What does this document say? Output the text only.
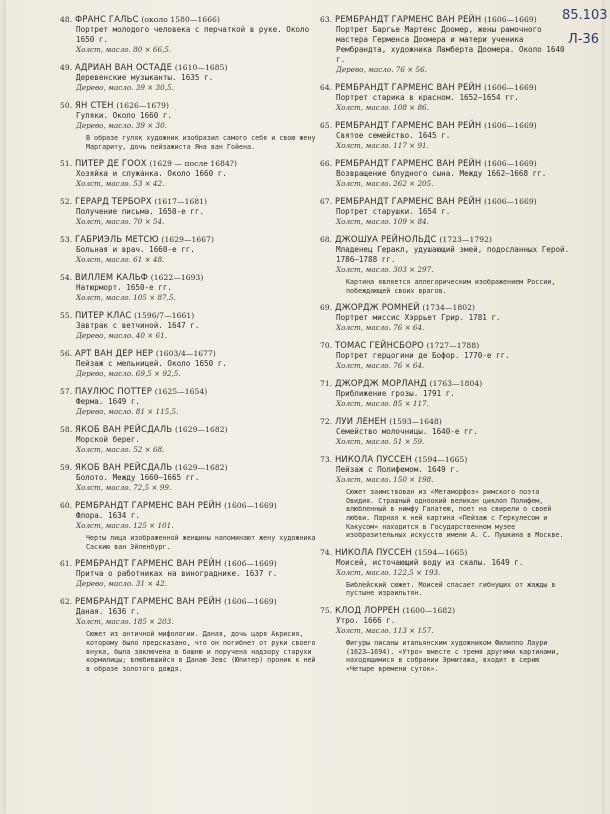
48. ФРАНС ГАЛЬС (около 1580—1666)
Портрет молодого человека с перчаткой в руке. Около 1650 г.
Холст, масло. 80 × 66,5.
49. АДРИАН ВАН ОСТАДЕ (1610—1685)
Деревенские музыканты. 1635 г.
Дерево, масло. 39 × 30,5.
50. ЯН СТЕН (1626—1679)
Гуляки. Около 1660 г.
Дерево, масло. 39 × 30.
В образе гуляк художник изобразил самого себя и свою жену Маргариту, дочь пейзажиста Яна ван Гойена.
51. ПИТЕР ДЕ ГООХ (1629 — после 1684?)
Хозяйка и служанка. Около 1660 г.
Холст, масло. 53 × 42.
52. ГЕРАРД ТЕРБОРХ (1617—1681)
Получение письма. 1650-е гг.
Холст, масло. 70 × 54.
53. ГАБРИЭЛЬ МЕТСЮ (1629—1667)
Больная и врач. 1660-е гг.
Холст, масло. 61 × 48.
54. ВИЛЛЕМ КАЛЬФ (1622—1693)
Натюрморт. 1650-е гг.
Холст, масло. 105 × 87,5.
55. ПИТЕР КЛАС (1596/7—1661)
Завтрак с ветчиной. 1647 г.
Дерево, масло. 40 × 61.
56. АРТ ВАН ДЕР НЕР (1603/4—1677)
Пейзаж с мельницей. Около 1650 г.
Дерево, масло. 69,5 × 92,5.
57. ПАУЛЮС ПОТТЕР (1625—1654)
Ферма. 1649 г.
Дерево, масло. 81 × 115,5.
58. ЯКОБ ВАН РЕЙСДАЛЬ (1629—1682)
Морской берег.
Холст, масло. 52 × 68.
59. ЯКОБ ВАН РЕЙСДАЛЬ (1629—1682)
Болото. Между 1660—1665 гг.
Холст, масло. 72,5 × 99.
60. РЕМБРАНДТ ГАРМЕНС ВАН РЕЙН (1606—1669)
Флора. 1634 г.
Холст, масло. 125 × 101.
Черты лица изображенной женщины напоминают жену художника Саскию ван Эйленбург.
61. РЕМБРАНДТ ГАРМЕНС ВАН РЕЙН (1606—1669)
Притча о работниках на винограднике. 1637 г.
Дерево, масло. 31 × 42.
62. РЕМБРАНДТ ГАРМЕНС ВАН РЕЙН (1606—1669)
Даная. 1636 г.
Холст, масло. 185 × 203.
Сюжет из античной мифологии. Даная, дочь царя Акрисия, которому было предсказано, что он погибнет от руки своего внука, была заключена в башню и поручена надзору старухи кормилицы; влюбившийся в Данаю Зевс (Юпитер) проник к ней в образе золотого дождя.
63. РЕМБРАНДТ ГАРМЕНС ВАН РЕЙН (1606—1669)
Портрет Баргье Мартенс Доомер, жены рамочного мастера Герменса Доомера и матери ученика Рембрандта, художника Ламберта Доомера. Около 1640 г.
Дерево, масло. 76 × 56.
64. РЕМБРАНДТ ГАРМЕНС ВАН РЕЙН (1606—1669)
Портрет старика в красном. 1652—1654 гг.
Холст, масло. 108 × 86.
65. РЕМБРАНДТ ГАРМЕНС ВАН РЕЙН (1606—1669)
Святое семейство. 1645 г.
Холст, масло. 117 × 91.
66. РЕМБРАНДТ ГАРМЕНС ВАН РЕЙН (1606—1669)
Возвращение блудного сына. Между 1662—1668 гг.
Холст, масло. 262 × 205.
67. РЕМБРАНДТ ГАРМЕНС ВАН РЕЙН (1606—1669)
Портрет старушки. 1654 г.
Холст, масло. 109 × 84.
68. ДЖОШУА РЕЙНОЛЬДС (1723—1792)
Младенец Геракл, удушающий змей, подосланных Герой. 1786—1788 гг.
Холст, масло. 303 × 297.
Картина является аллегорическим изображением России, побеждающей своих врагов.
69. ДЖОРДЖ РОМНЕЙ (1734—1802)
Портрет миссис Хэррьет Грир. 1781 г.
Холст, масло. 76 × 64.
70. ТОМАС ГЕЙНСБОРО (1727—1788)
Портрет герцогини де Бофор. 1770-е гг.
Холст, масло. 76 × 64.
71. ДЖОРДЖ МОРЛАНД (1763—1804)
Приближение грозы. 1791 г.
Холст, масло. 85 × 117.
72. ЛУИ ЛЕНЕН (1593—1648)
Семейство молочницы. 1640-е гг.
Холст, масло. 51 × 59.
73. НИКОЛА ПУССЕН (1594—1665)
Пейзаж с Полифемом. 1649 г.
Холст, масло. 150 × 198.
Сюжет заимствован из «Метаморфоз» римского поэта Овидия. Страшный одноокий великан циклоп Полифем, влюбленный в нимфу Галатею, поет на свирели о своей любви. Парная к ней картина «Пейзаж с Геркулесом и Какусом» находится в Государственном музее изобразительных искусств имени А. С. Пушкина в Москве.
74. НИКОЛА ПУССЕН (1594—1665)
Моисей, источающий воду из скалы. 1649 г.
Холст, масло. 122,5 × 193.
Библейский сюжет. Моисей спасает гибнущих от жажды в пустыне израильтян.
75. КЛОД ЛОРРЕН (1600—1682)
Утро. 1666 г.
Холст, масло. 113 × 157.
Фигуры писаны итальянским художником Филиппо Лаури (1623—1694). «Утро» вместе с тремя другими картинами, находящимися в собрании Эрмитажа, входит в серию «Четыре времени суток».
85.103
Л-36
